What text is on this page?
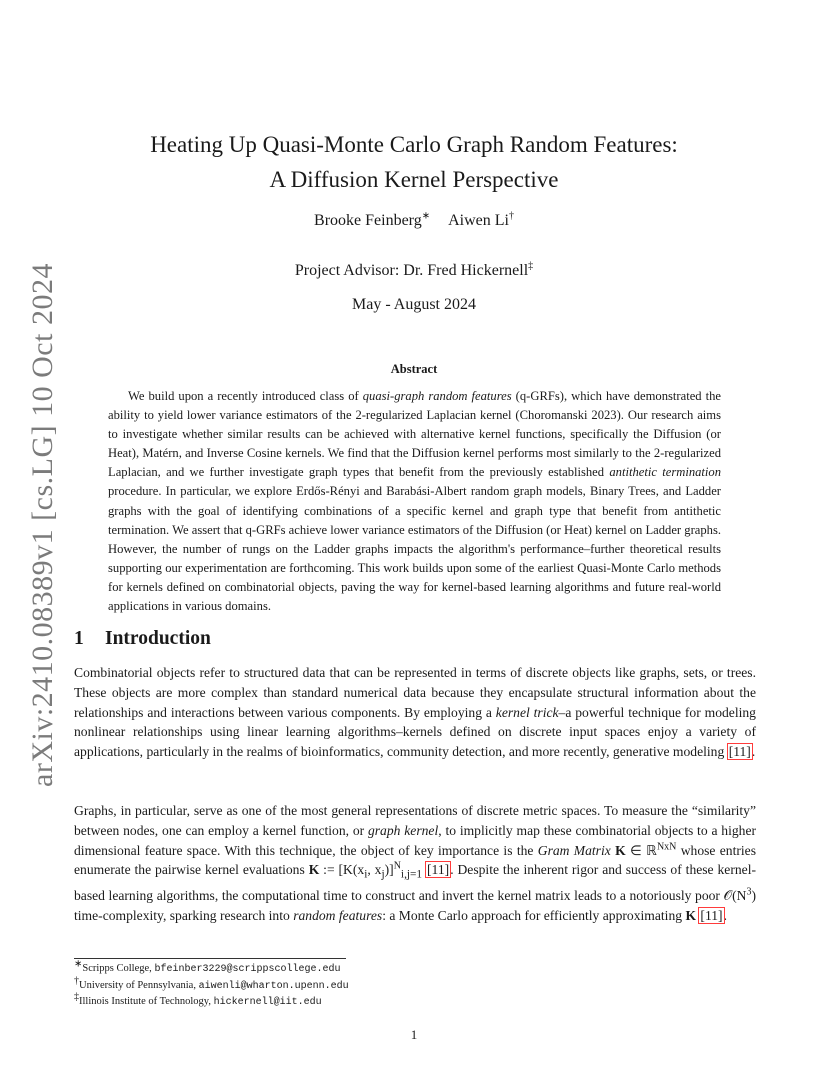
arXiv:2410.08389v1 [cs.LG] 10 Oct 2024
Heating Up Quasi-Monte Carlo Graph Random Features:
A Diffusion Kernel Perspective
Brooke Feinberg∗ Aiwen Li†
Project Advisor: Dr. Fred Hickernell‡
May - August 2024
Abstract
We build upon a recently introduced class of quasi-graph random features (q-GRFs), which have demonstrated the ability to yield lower variance estimators of the 2-regularized Laplacian kernel (Choromanski 2023). Our research aims to investigate whether similar results can be achieved with alternative kernel functions, specifically the Diffusion (or Heat), Matérn, and Inverse Cosine kernels. We find that the Diffusion kernel performs most similarly to the 2-regularized Laplacian, and we further investigate graph types that benefit from the previously established antithetic termination procedure. In particular, we explore Erdős-Rényi and Barabási-Albert random graph models, Binary Trees, and Ladder graphs with the goal of identifying combinations of a specific kernel and graph type that benefit from antithetic termination. We assert that q-GRFs achieve lower variance estimators of the Diffusion (or Heat) kernel on Ladder graphs. However, the number of rungs on the Ladder graphs impacts the algorithm's performance–further theoretical results supporting our experimentation are forthcoming. This work builds upon some of the earliest Quasi-Monte Carlo methods for kernels defined on combinatorial objects, paving the way for kernel-based learning algorithms and future real-world applications in various domains.
1 Introduction
Combinatorial objects refer to structured data that can be represented in terms of discrete objects like graphs, sets, or trees. These objects are more complex than standard numerical data because they encapsulate structural information about the relationships and interactions between various components. By employing a kernel trick–a powerful technique for modeling nonlinear relationships using linear learning algorithms–kernels defined on discrete input spaces enjoy a variety of applications, particularly in the realms of bioinformatics, community detection, and more recently, generative modeling [11].
Graphs, in particular, serve as one of the most general representations of discrete metric spaces. To measure the “similarity” between nodes, one can employ a kernel function, or graph kernel, to implicitly map these combinatorial objects to a higher dimensional feature space. With this technique, the object of key importance is the Gram Matrix K ∈ ℝ$^{NxN}$ whose entries enumerate the pairwise kernel evaluations K := [$K(x_i$, $x_j)]^N_{i,j=1}$ [11]. Despite the inherent rigor and success of these kernel-based learning algorithms, the computational time to construct and invert the kernel matrix leads to a notoriously poor $𝒪(N^3)$ time-complexity, sparking research into random features: a Monte Carlo approach for efficiently approximating K [11].
∗Scripps College, bfeinber3229@scrippscollege.edu
†University of Pennsylvania, aiwenli@wharton.upenn.edu
‡Illinois Institute of Technology, hickernell@iit.edu
1
